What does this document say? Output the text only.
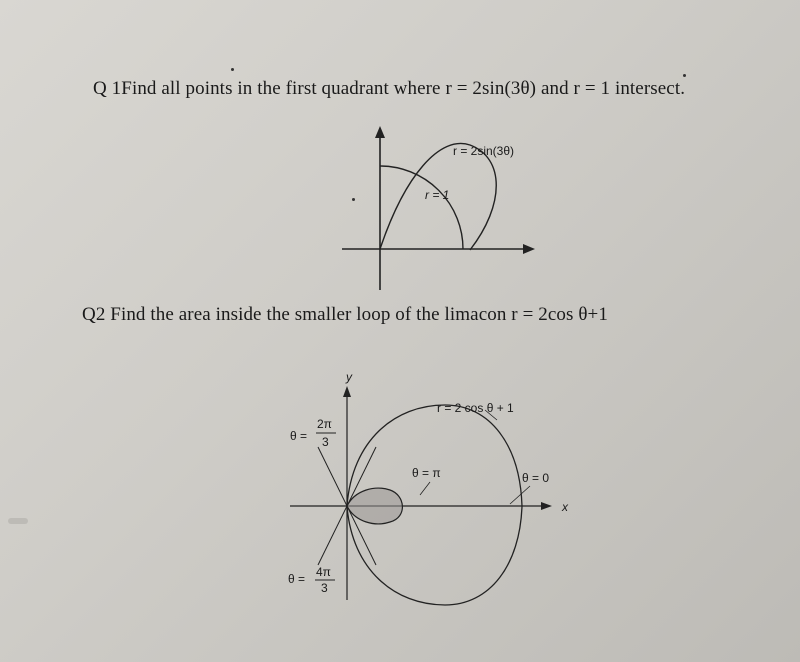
Q 1Find all points in the first quadrant where r = 2sin(3θ) and r = 1 intersect.
r = 2sin(3θ)
r = 1
Q2 Find the area inside the smaller loop of the limacon r = 2cos θ+1
y
x
r = 2 cos θ + 1
θ = π	θ = 0
θ =
2π
3
θ = 4π
3
